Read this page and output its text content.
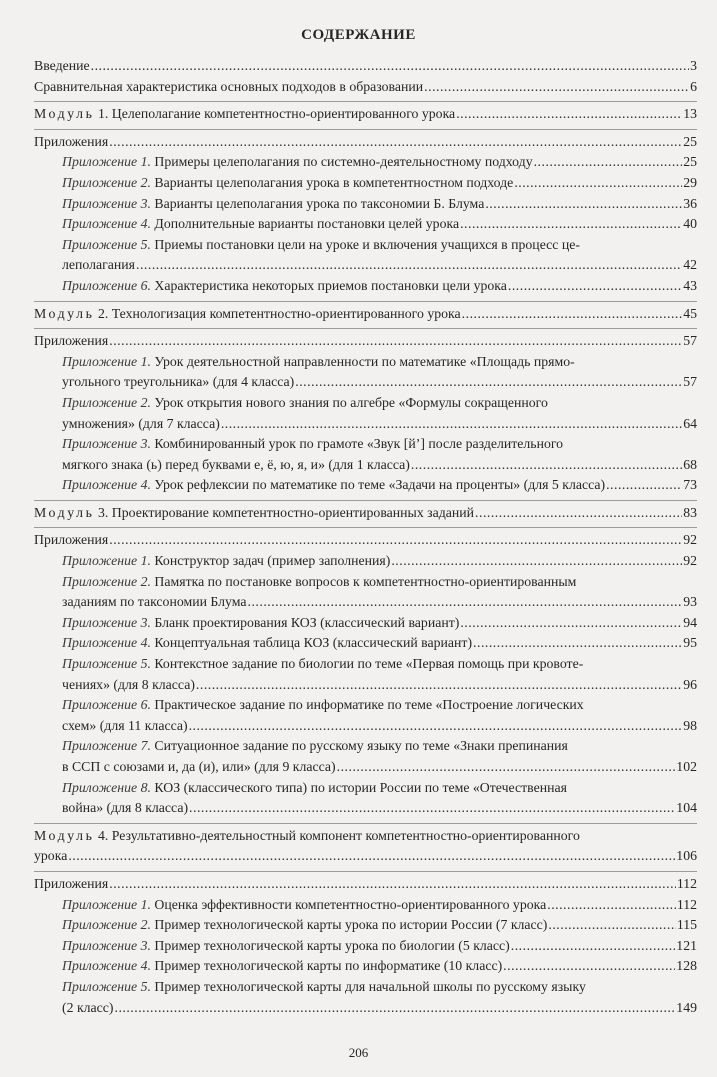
СОДЕРЖАНИЕ
Введение .....	3
Сравнительная характеристика основных подходов в образовании .....	6
Модуль 1. Целеполагание компетентностно-ориентированного урока .....	13
Приложения .....	25
Приложение 1. Примеры целеполагания по системно-деятельностному подходу .....	25
Приложение 2. Варианты целеполагания урока в компетентностном подходе .....	29
Приложение 3. Варианты целеполагания урока по таксономии Б. Блума .....	36
Приложение 4. Дополнительные варианты постановки целей урока .....	40
Приложение 5. Приемы постановки цели на уроке и включения учащихся в процесс це-
леполагания .....	42
Приложение 6. Характеристика некоторых приемов постановки цели урока .....	43
Модуль 2. Технологизация компетентностно-ориентированного урока .....	45
Приложения .....	57
Приложение 1. Урок деятельностной направленности по математике «Площадь прямо-
угольного треугольника» (для 4 класса) .....	57
Приложение 2. Урок открытия нового знания по алгебре «Формулы сокращенного
умножения» (для 7 класса) .....	64
Приложение 3. Комбинированный урок по грамоте «Звук [й’] после разделительного
мягкого знака (ь) перед буквами е, ё, ю, я, и» (для 1 класса) .....	68
Приложение 4. Урок рефлексии по математике по теме «Задачи на проценты» (для 5 класса) .....	73
Модуль 3. Проектирование компетентностно-ориентированных заданий .....	83
Приложения .....	92
Приложение 1. Конструктор задач (пример заполнения) .....	92
Приложение 2. Памятка по постановке вопросов к компетентностно-ориентированным
заданиям по таксономии Блума .....	93
Приложение 3. Бланк проектирования КОЗ (классический вариант) .....	94
Приложение 4. Концептуальная таблица КОЗ (классический вариант) .....	95
Приложение 5. Контекстное задание по биологии по теме «Первая помощь при кровоте-
чениях» (для 8 класса) .....	96
Приложение 6. Практическое задание по информатике по теме «Построение логических
схем» (для 11 класса) .....	98
Приложение 7. Ситуационное задание по русскому языку по теме «Знаки препинания
в ССП с союзами и, да (и), или» (для 9 класса) .....	102
Приложение 8. КОЗ (классического типа) по истории России по теме «Отечественная
война» (для 8 класса) .....	104
Модуль 4. Результативно-деятельностный компонент компетентностно-ориентированного
урока .....	106
Приложения .....	112
Приложение 1. Оценка эффективности компетентностно-ориентированного урока .....	112
Приложение 2. Пример технологической карты урока по истории России (7 класс) .....	115
Приложение 3. Пример технологической карты урока по биологии (5 класс) .....	121
Приложение 4. Пример технологической карты по информатике (10 класс) .....	128
Приложение 5. Пример технологической карты для начальной школы по русскому языку
(2 класс) .....	149
206
